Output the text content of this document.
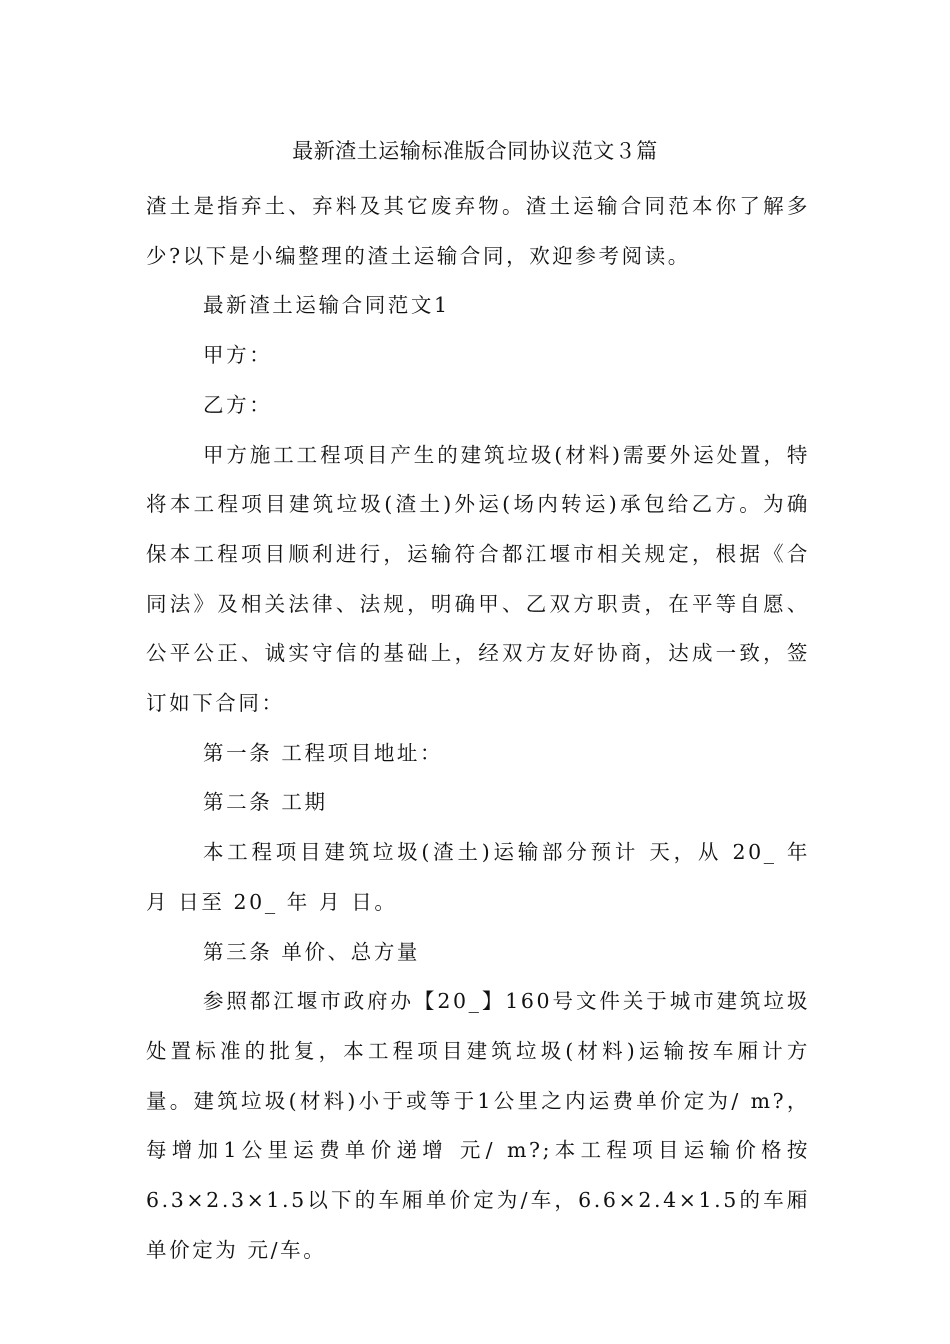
最新渣土运输标准版合同协议范文３篇

渣土是指弃土、弃料及其它废弃物。渣土运输合同范本你了解多少?以下是小编整理的渣土运输合同，欢迎参考阅读。

最新渣土运输合同范文1

甲方：

乙方：

甲方施工工程项目产生的建筑垃圾(材料)需要外运处置，特将本工程项目建筑垃圾(渣土)外运(场内转运)承包给乙方。为确保本工程项目顺利进行，运输符合都江堰市相关规定，根据《合同法》及相关法律、法规，明确甲、乙双方职责，在平等自愿、公平公正、诚实守信的基础上，经双方友好协商，达成一致，签订如下合同：

第一条 工程项目地址：

第二条 工期

本工程项目建筑垃圾(渣土)运输部分预计 天，从 20_ 年 月 日至 20_ 年 月 日。

第三条 单价、总方量

参照都江堰市政府办【20_】160号文件关于城市建筑垃圾处置标准的批复，本工程项目建筑垃圾(材料)运输按车厢计方量。建筑垃圾(材料)小于或等于1公里之内运费单价定为/ m?，每增加1公里运费单价递增 元/ m?;本工程项目运输价格按6.3×2.3×1.5以下的车厢单价定为/车，6.6×2.4×1.5的车厢单价定为 元/车。
